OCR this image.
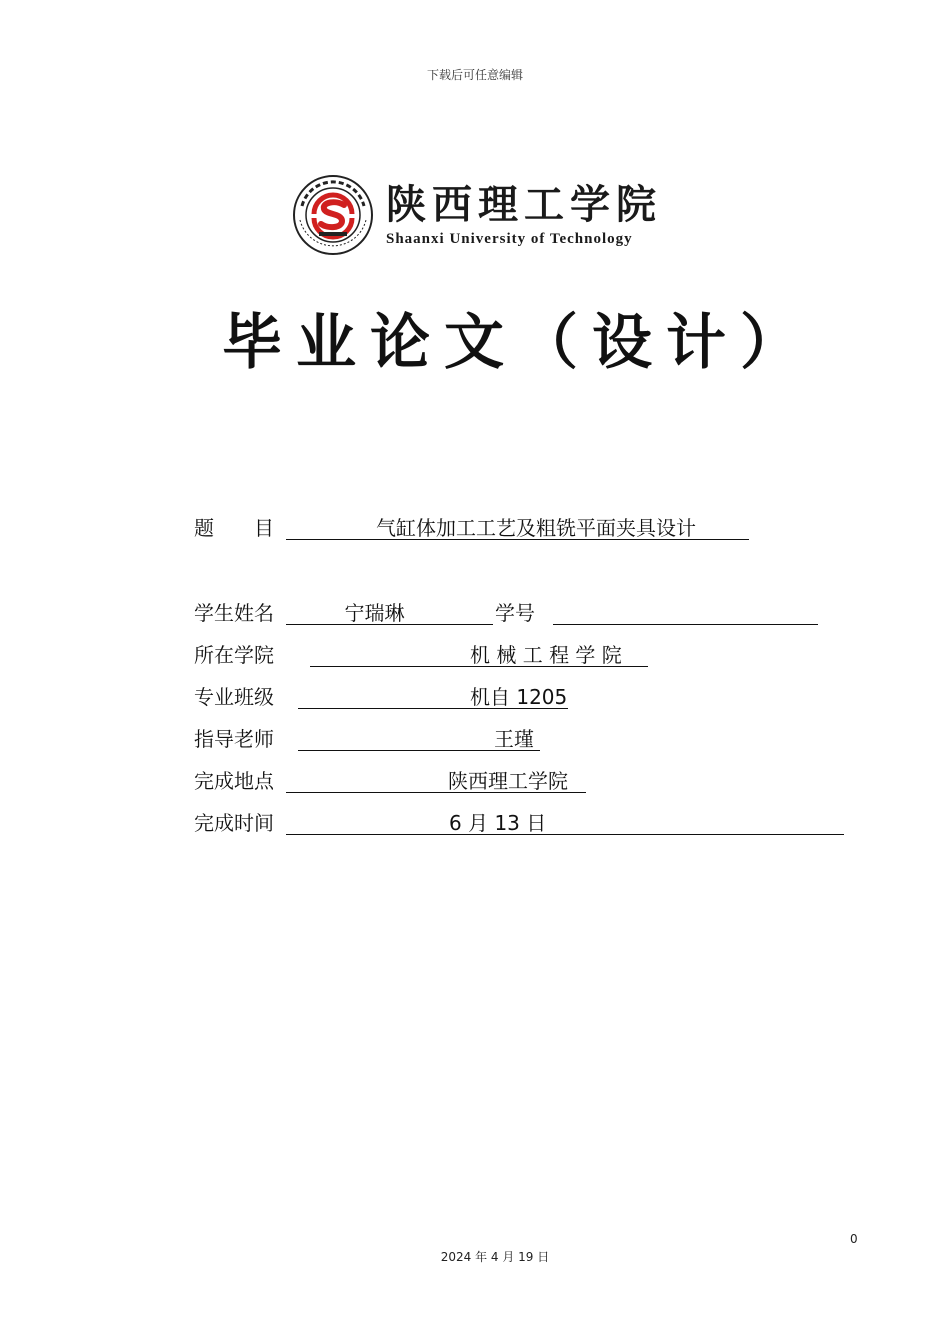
下载后可任意编辑
陕西理工学院
Shaanxi University of Technology
毕业论文（设计）
题　　目	气缸体加工工艺及粗铣平面夹具设计
学生姓名	宁瑞琳	学号
所在学院	机 械 工 程 学 院
专业班级	机自 1205
指导老师	王瑾
完成地点	陕西理工学院
完成时间	6 月 13 日
0
2024 年 4 月 19 日
